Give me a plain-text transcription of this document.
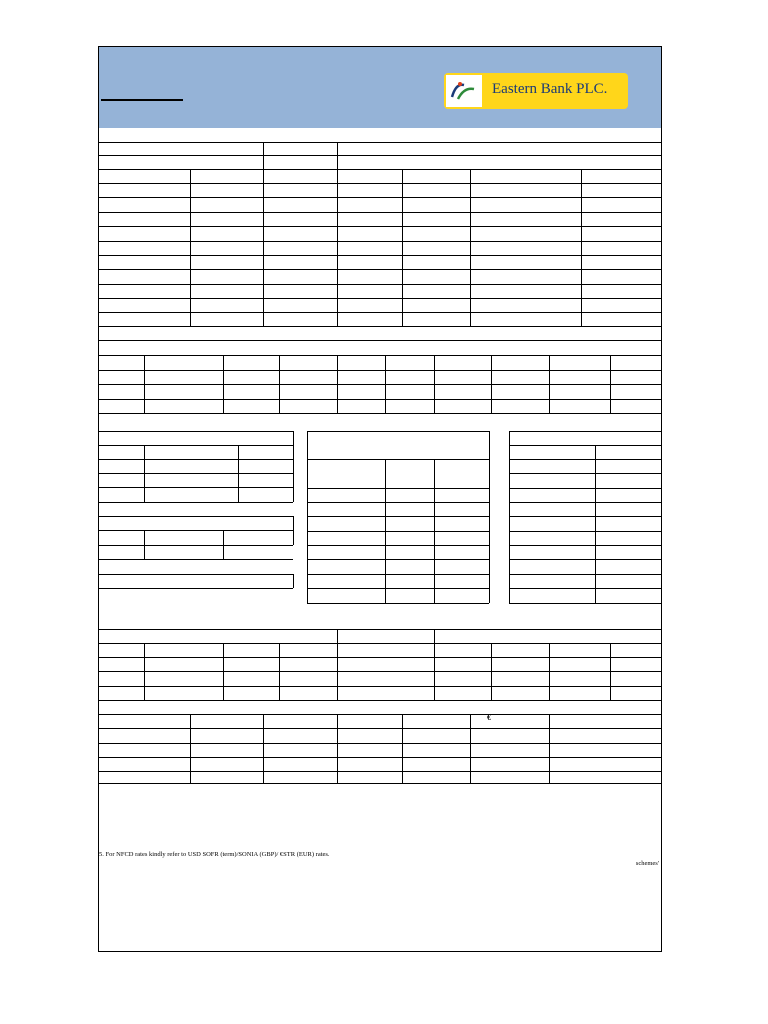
Eastern Bank PLC.
€
5. For NFCD rates kindly refer to USD SOFR (term)/SONIA (GBP)/ €STR (EUR) rates.
schemes'
